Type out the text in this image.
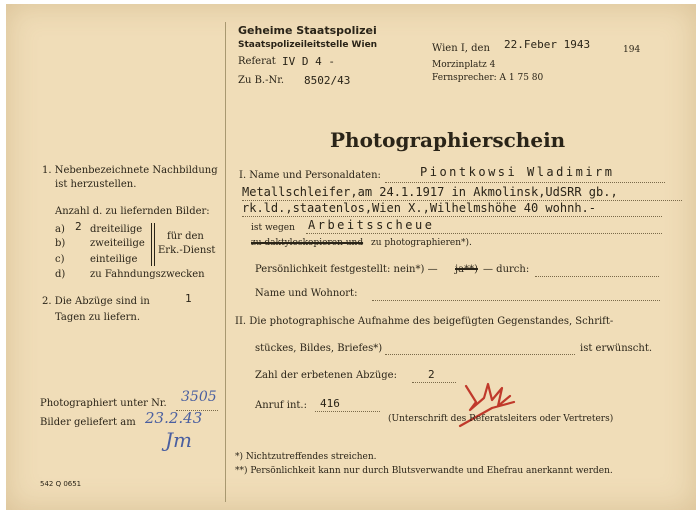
Geheime Staatspolizei
Staatspolizeileitstelle Wien
Referat IV D 4 -
Zu B.-Nr. 8502/43
Wien I, den 22.Feber 1943	194
Morzinplatz 4
Fernsprecher: A 1 75 80
Photographierschein
1. Nebenbezeichnete Nachbildung
ist herzustellen.
Anzahl d. zu liefernden Bilder:
a) 2 dreiteilige
b) zweiteilige
c)	einteilige
für den
Erk.-Dienst
d) zu Fahndungszwecken
2. Die Abzüge sind in	1
Tagen zu liefern.
Photographiert unter Nr. 3505
Bilder geliefert am 23.2.43
Jm
542 Q 0651
I. Name und Personaldaten:	Piontkowsi Wladimirm
Metallschleifer,am 24.1.1917 in Akmolinsk,UdSRR gb.,
rk.ld.,staatenlos,Wien X.,Wilhelmshöhe 40 wohnh.-
ist wegen Arbeitsscheue
zu daktyloskopieren und zu photographieren*).
Persönlichkeit festgestellt: nein*) — ja**) — durch:
Name und Wohnort:
II. Die photographische Aufnahme des beigefügten Gegenstandes, Schrift-
stückes, Bildes, Briefes*)	ist erwünscht.
Zahl der erbetenen Abzüge:	2
Anruf int.: 416
(Unterschrift des Referatsleiters oder Vertreters)
*) Nichtzutreffendes streichen.
**) Persönlichkeit kann nur durch Blutsverwandte und Ehefrau anerkannt werden.
